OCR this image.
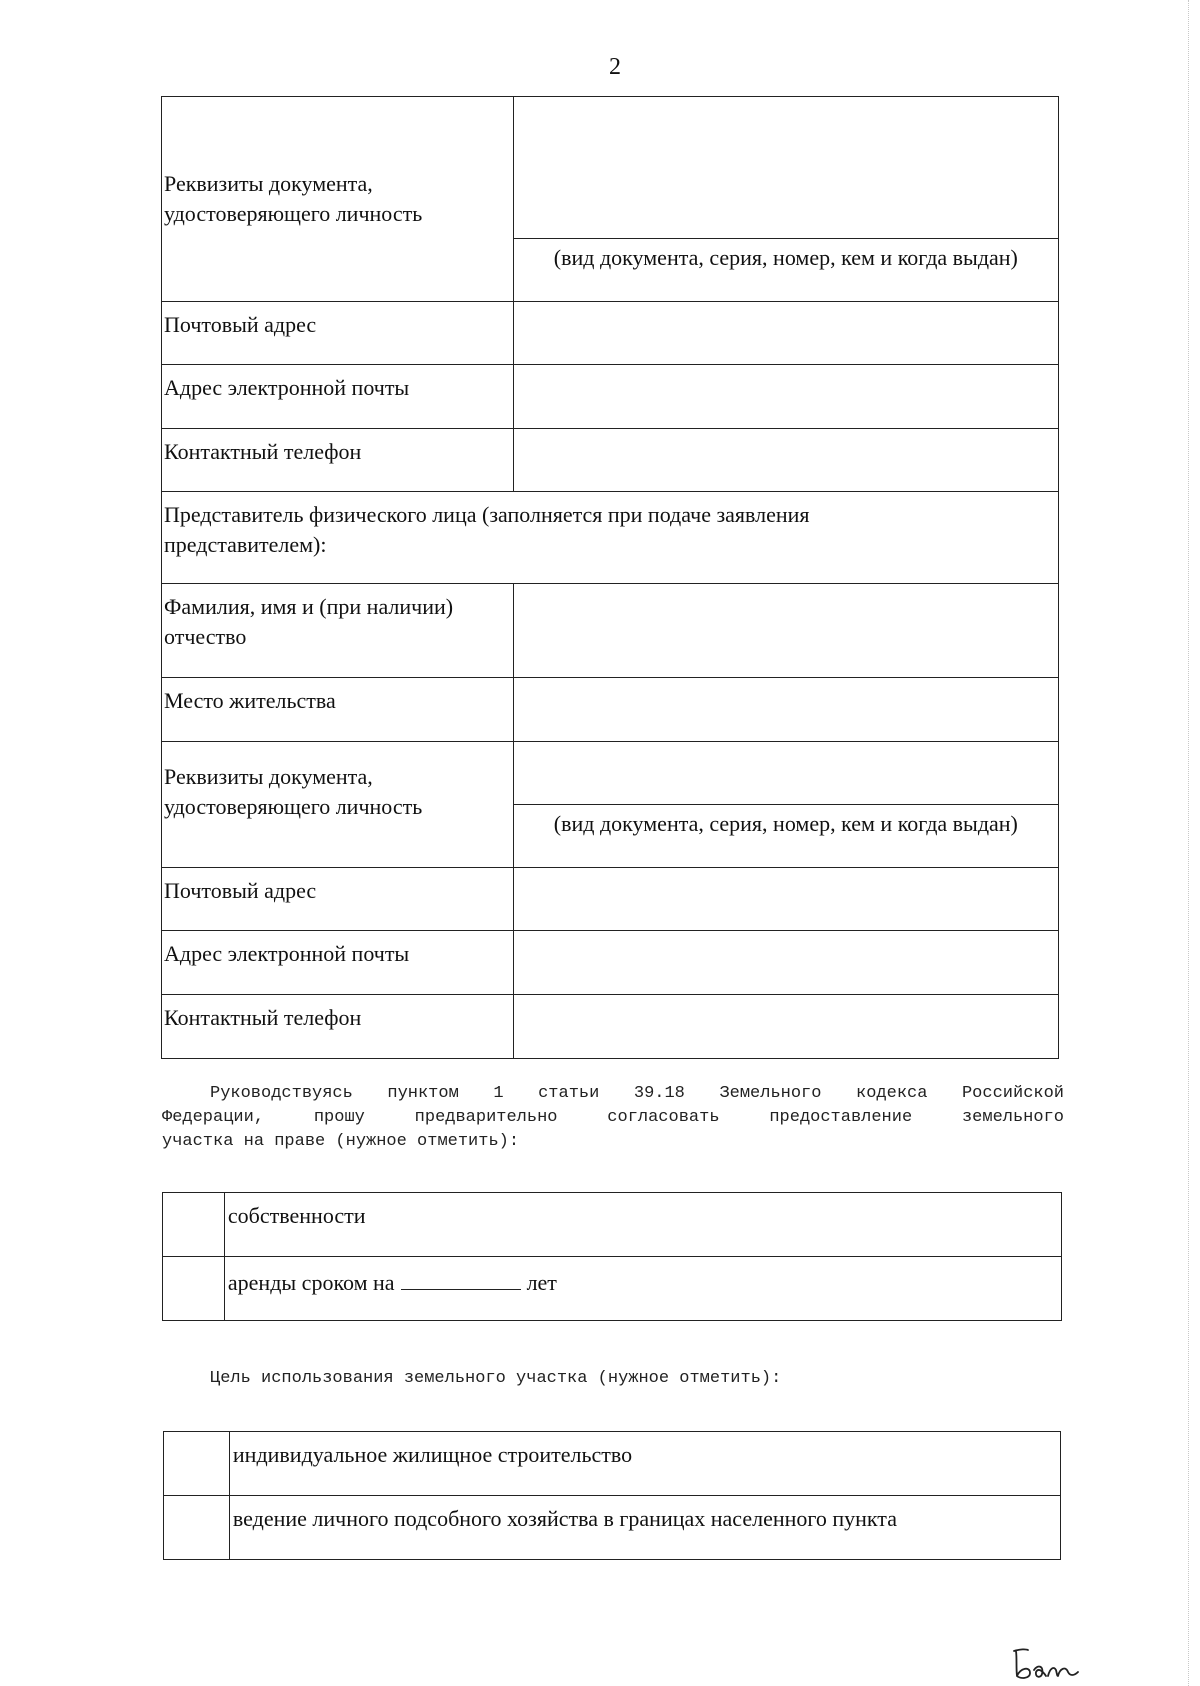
2
Реквизиты документа, удостоверяющего личность	
	(вид документа, серия, номер, кем и когда выдан)
Почтовый адрес	
Адрес электронной почты	
Контактный телефон	
Представитель физического лица (заполняется при подаче заявления представителем):	
Фамилия, имя и (при наличии) отчество	
Место жительства	
Реквизиты документа, удостоверяющего личность	
	(вид документа, серия, номер, кем и когда выдан)
Почтовый адрес	
Адрес электронной почты	
Контактный телефон	
Руководствуясь пунктом 1 статьи 39.18 Земельного кодекса Российской
Федерации, прошу предварительно согласовать предоставление земельного
участка на праве (нужное отметить):
	собственности
	аренды сроком на лет
Цель использования земельного участка (нужное отметить):
	индивидуальное жилищное строительство
	ведение личного подсобного хозяйства в границах населенного пункта
